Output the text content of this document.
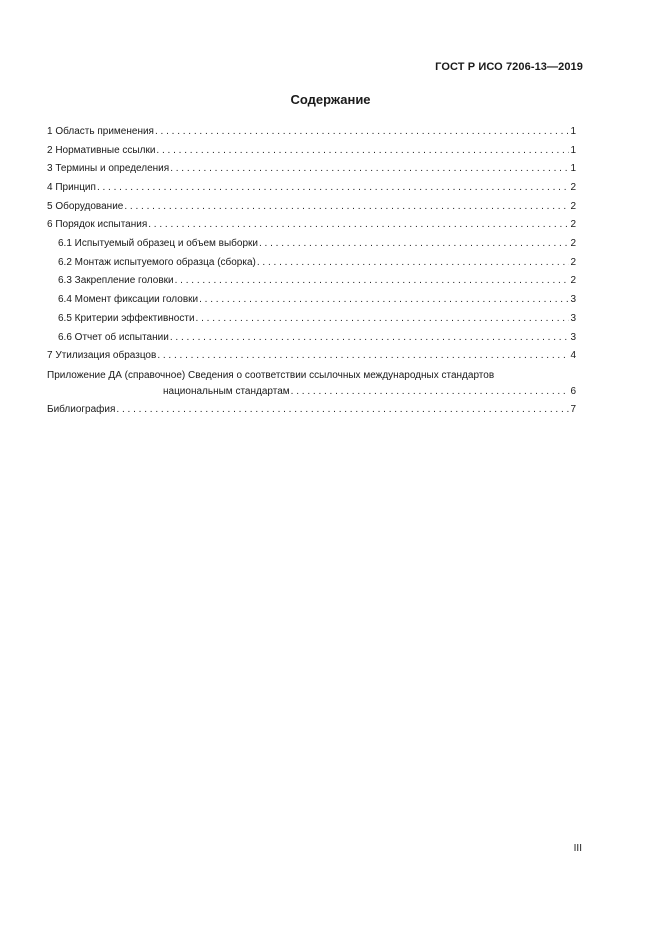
ГОСТ Р ИСО 7206-13—2019
Содержание
1 Область применения . . .	1
2 Нормативные ссылки . . .	1
3 Термины и определения . . .	1
4 Принцип . . .	2
5 Оборудование . . .	2
6 Порядок испытания . . .	2
6.1 Испытуемый образец и объем выборки . . .	2
6.2 Монтаж испытуемого образца (сборка) . . .	2
6.3 Закрепление головки . . .	2
6.4 Момент фиксации головки . . .	3
6.5 Критерии эффективности . . .	3
6.6 Отчет об испытании . . .	3
7 Утилизация образцов . . .	4
Приложение ДА (справочное) Сведения о соответствии ссылочных международных стандартов
национальным стандартам . . .	6
Библиография . . .	7
III
